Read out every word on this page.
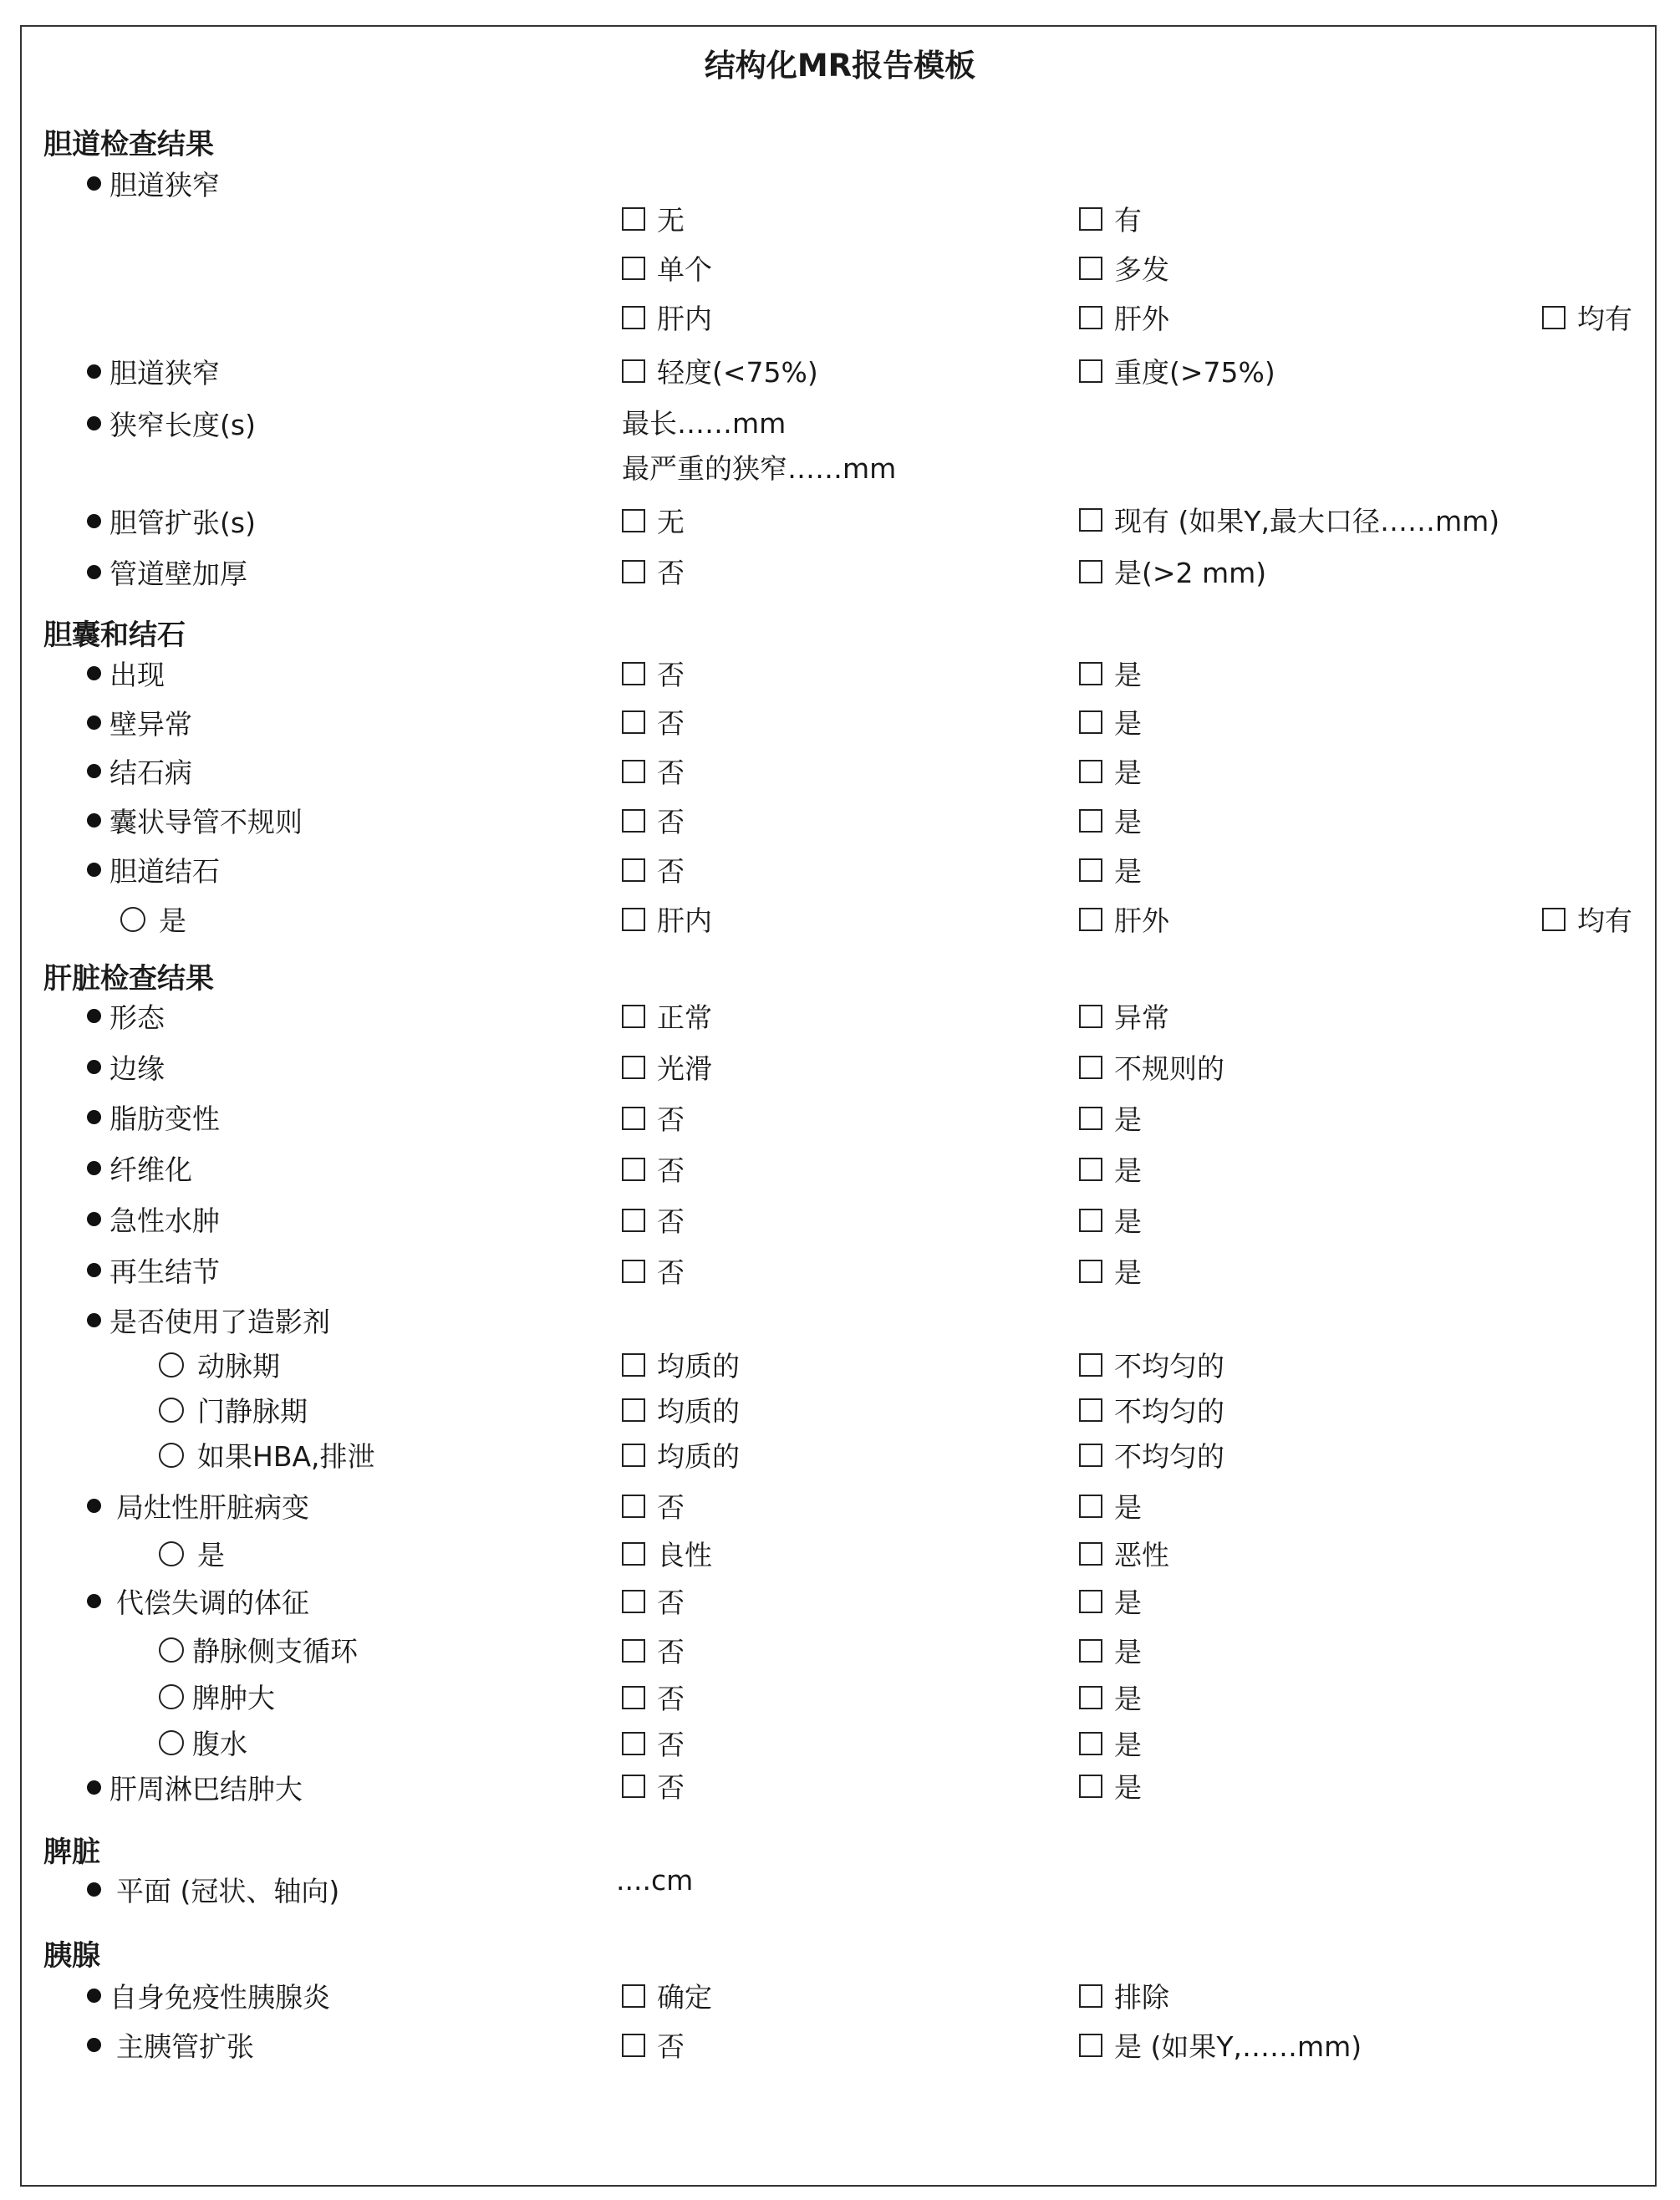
结构化MR报告模板
胆道检查结果
胆道狭窄
无	有
单个	多发
肝内	肝外	均有
胆道狭窄	轻度(<75%)	重度(>75%)
狭窄长度(s)	最长……mm
最严重的狭窄……mm
胆管扩张(s)	无	现有 (如果Y,最大口径……mm)
管道壁加厚	否	是(>2 mm)
胆囊和结石
出现	否	是
壁异常	否	是
结石病	否	是
囊状导管不规则	否	是
胆道结石	否	是
是	肝内	肝外	均有
肝脏检查结果
形态	正常	异常
边缘	光滑	不规则的
脂肪变性	否	是
纤维化	否	是
急性水肿	否	是
再生结节	否	是
是否使用了造影剂
动脉期	均质的	不均匀的
门静脉期	均质的	不均匀的
如果HBA,排泄	均质的	不均匀的
局灶性肝脏病变	否	是
是	良性	恶性
代偿失调的体征	否	是
静脉侧支循环	否	是
脾肿大	否	是
腹水	否	是
肝周淋巴结肿大	否	是
脾脏
平面 (冠状、轴向)	....cm
胰腺
自身免疫性胰腺炎	确定	排除
主胰管扩张	否	是 (如果Y,……mm)
